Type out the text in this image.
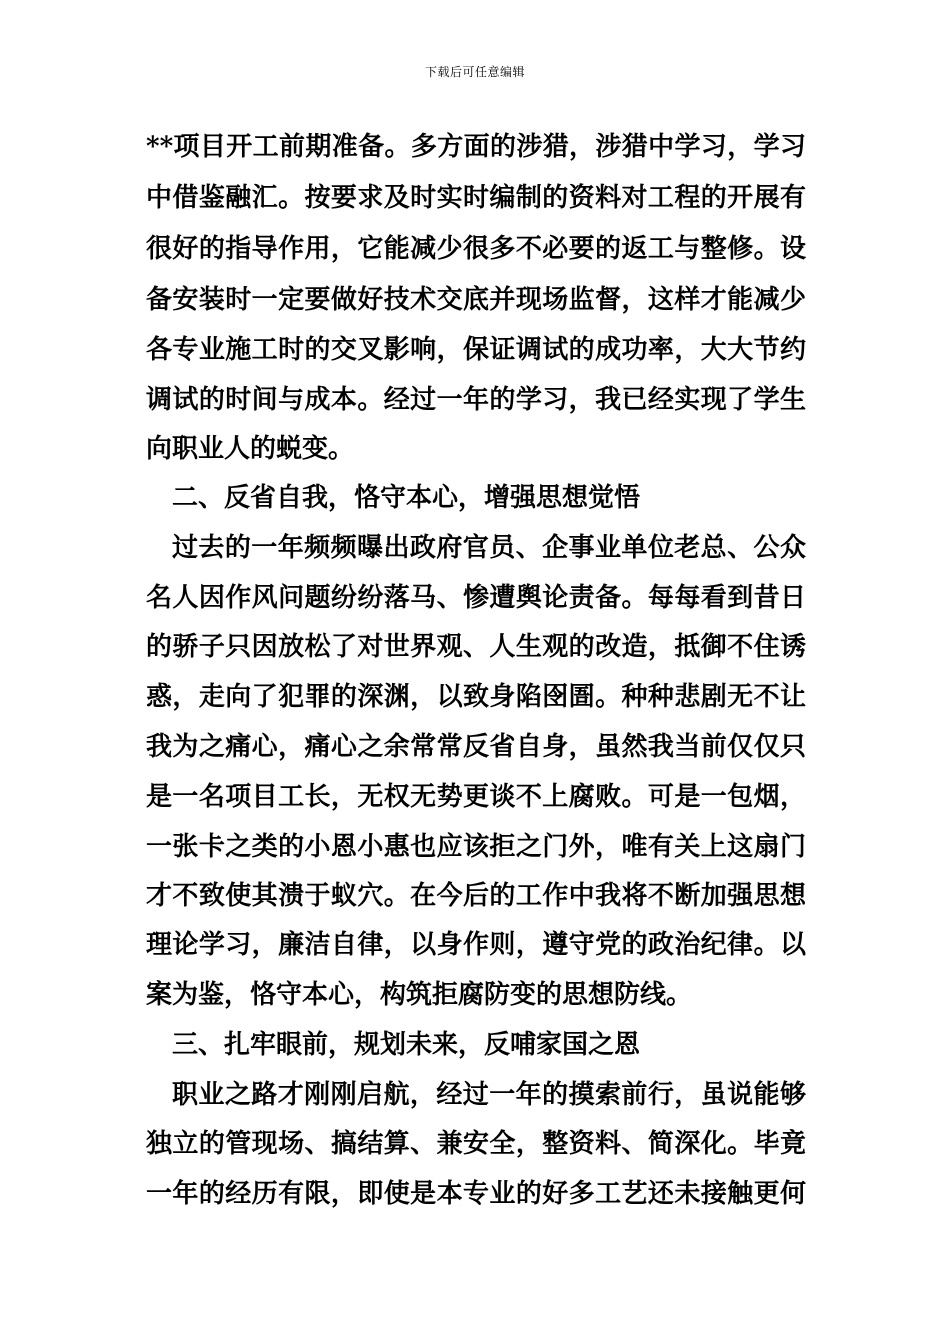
下载后可任意编辑
**项目开工前期准备。多方面的涉猎，涉猎中学习，学习
中借鉴融汇。按要求及时实时编制的资料对工程的开展有
很好的指导作用，它能减少很多不必要的返工与整修。设
备安装时一定要做好技术交底并现场监督，这样才能减少
各专业施工时的交叉影响，保证调试的成功率，大大节约
调试的时间与成本。经过一年的学习，我已经实现了学生
向职业人的蜕变。
二、反省自我，恪守本心，增强思想觉悟
过去的一年频频曝出政府官员、企事业单位老总、公众
名人因作风问题纷纷落马、惨遭舆论责备。每每看到昔日
的骄子只因放松了对世界观、人生观的改造，抵御不住诱
惑，走向了犯罪的深渊，以致身陷囹圄。种种悲剧无不让
我为之痛心，痛心之余常常反省自身，虽然我当前仅仅只
是一名项目工长，无权无势更谈不上腐败。可是一包烟，
一张卡之类的小恩小惠也应该拒之门外，唯有关上这扇门
才不致使其溃于蚁穴。在今后的工作中我将不断加强思想
理论学习，廉洁自律，以身作则，遵守党的政治纪律。以
案为鉴，恪守本心，构筑拒腐防变的思想防线。
三、扎牢眼前，规划未来，反哺家国之恩
职业之路才刚刚启航，经过一年的摸索前行，虽说能够
独立的管现场、搞结算、兼安全，整资料、简深化。毕竟
一年的经历有限，即使是本专业的好多工艺还未接触更何
